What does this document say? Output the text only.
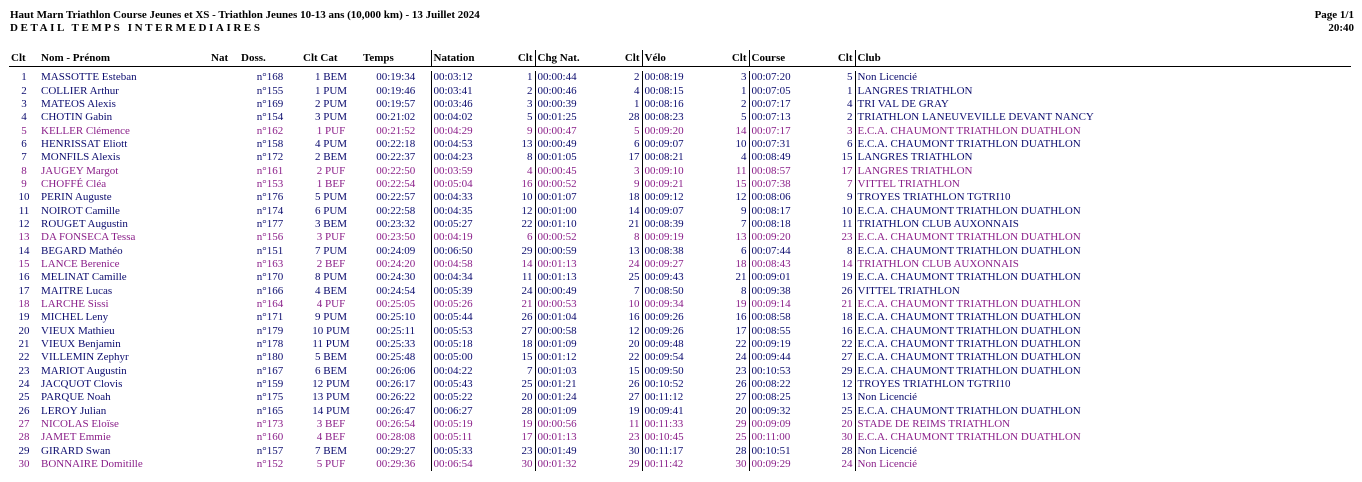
Haut Marn Triathlon Course Jeunes et XS - Triathlon Jeunes 10-13 ans (10,000 km) - 13 Juillet 2024
DETAIL TEMPS INTERMEDIAIRES
Page 1/1
20:40
Clt	Nom - Prénom	Nat	Doss.	Clt Cat	Temps	Natation	Clt	Chg Nat.	Clt	Vélo	Clt	Course	Clt	Club

1	MASSOTTE Esteban		n°168	1 BEM	00:19:34	00:03:12	1	00:00:44	2	00:08:19	3	00:07:20	5	Non Licencié
2	COLLIER Arthur		n°155	1 PUM	00:19:46	00:03:41	2	00:00:46	4	00:08:15	1	00:07:05	1	LANGRES TRIATHLON
3	MATEOS Alexis		n°169	2 PUM	00:19:57	00:03:46	3	00:00:39	1	00:08:16	2	00:07:17	4	TRI VAL DE GRAY
4	CHOTIN Gabin		n°154	3 PUM	00:21:02	00:04:02	5	00:01:25	28	00:08:23	5	00:07:13	2	TRIATHLON LANEUVEVILLE DEVANT NANCY
5	KELLER Clémence		n°162	1 PUF	00:21:52	00:04:29	9	00:00:47	5	00:09:20	14	00:07:17	3	E.C.A. CHAUMONT TRIATHLON DUATHLON
6	HENRISSAT Eliott		n°158	4 PUM	00:22:18	00:04:53	13	00:00:49	6	00:09:07	10	00:07:31	6	E.C.A. CHAUMONT TRIATHLON DUATHLON
7	MONFILS Alexis		n°172	2 BEM	00:22:37	00:04:23	8	00:01:05	17	00:08:21	4	00:08:49	15	LANGRES TRIATHLON
8	JAUGEY Margot		n°161	2 PUF	00:22:50	00:03:59	4	00:00:45	3	00:09:10	11	00:08:57	17	LANGRES TRIATHLON
9	CHOFFÉ Cléa		n°153	1 BEF	00:22:54	00:05:04	16	00:00:52	9	00:09:21	15	00:07:38	7	VITTEL TRIATHLON
10	PERIN Auguste		n°176	5 PUM	00:22:57	00:04:33	10	00:01:07	18	00:09:12	12	00:08:06	9	TROYES TRIATHLON TGTRI10
11	NOIROT Camille		n°174	6 PUM	00:22:58	00:04:35	12	00:01:00	14	00:09:07	9	00:08:17	10	E.C.A. CHAUMONT TRIATHLON DUATHLON
12	ROUGET Augustin		n°177	3 BEM	00:23:32	00:05:27	22	00:01:10	21	00:08:39	7	00:08:18	11	TRIATHLON CLUB AUXONNAIS
13	DA FONSECA Tessa		n°156	3 PUF	00:23:50	00:04:19	6	00:00:52	8	00:09:19	13	00:09:20	23	E.C.A. CHAUMONT TRIATHLON DUATHLON
14	BEGARD Mathéo		n°151	7 PUM	00:24:09	00:06:50	29	00:00:59	13	00:08:38	6	00:07:44	8	E.C.A. CHAUMONT TRIATHLON DUATHLON
15	LANCE Berenice		n°163	2 BEF	00:24:20	00:04:58	14	00:01:13	24	00:09:27	18	00:08:43	14	TRIATHLON CLUB AUXONNAIS
16	MELINAT Camille		n°170	8 PUM	00:24:30	00:04:34	11	00:01:13	25	00:09:43	21	00:09:01	19	E.C.A. CHAUMONT TRIATHLON DUATHLON
17	MAITRE Lucas		n°166	4 BEM	00:24:54	00:05:39	24	00:00:49	7	00:08:50	8	00:09:38	26	VITTEL TRIATHLON
18	LARCHE Sissi		n°164	4 PUF	00:25:05	00:05:26	21	00:00:53	10	00:09:34	19	00:09:14	21	E.C.A. CHAUMONT TRIATHLON DUATHLON
19	MICHEL Leny		n°171	9 PUM	00:25:10	00:05:44	26	00:01:04	16	00:09:26	16	00:08:58	18	E.C.A. CHAUMONT TRIATHLON DUATHLON
20	VIEUX Mathieu		n°179	10 PUM	00:25:11	00:05:53	27	00:00:58	12	00:09:26	17	00:08:55	16	E.C.A. CHAUMONT TRIATHLON DUATHLON
21	VIEUX Benjamin		n°178	11 PUM	00:25:33	00:05:18	18	00:01:09	20	00:09:48	22	00:09:19	22	E.C.A. CHAUMONT TRIATHLON DUATHLON
22	VILLEMIN Zephyr		n°180	5 BEM	00:25:48	00:05:00	15	00:01:12	22	00:09:54	24	00:09:44	27	E.C.A. CHAUMONT TRIATHLON DUATHLON
23	MARIOT Augustin		n°167	6 BEM	00:26:06	00:04:22	7	00:01:03	15	00:09:50	23	00:10:53	29	E.C.A. CHAUMONT TRIATHLON DUATHLON
24	JACQUOT Clovis		n°159	12 PUM	00:26:17	00:05:43	25	00:01:21	26	00:10:52	26	00:08:22	12	TROYES TRIATHLON TGTRI10
25	PARQUE Noah		n°175	13 PUM	00:26:22	00:05:22	20	00:01:24	27	00:11:12	27	00:08:25	13	Non Licencié
26	LEROY Julian		n°165	14 PUM	00:26:47	00:06:27	28	00:01:09	19	00:09:41	20	00:09:32	25	E.C.A. CHAUMONT TRIATHLON DUATHLON
27	NICOLAS Eloïse		n°173	3 BEF	00:26:54	00:05:19	19	00:00:56	11	00:11:33	29	00:09:09	20	STADE DE REIMS TRIATHLON
28	JAMET Emmie		n°160	4 BEF	00:28:08	00:05:11	17	00:01:13	23	00:10:45	25	00:11:00	30	E.C.A. CHAUMONT TRIATHLON DUATHLON
29	GIRARD Swan		n°157	7 BEM	00:29:27	00:05:33	23	00:01:49	30	00:11:17	28	00:10:51	28	Non Licencié
30	BONNAIRE Domitille		n°152	5 PUF	00:29:36	00:06:54	30	00:01:32	29	00:11:42	30	00:09:29	24	Non Licencié
